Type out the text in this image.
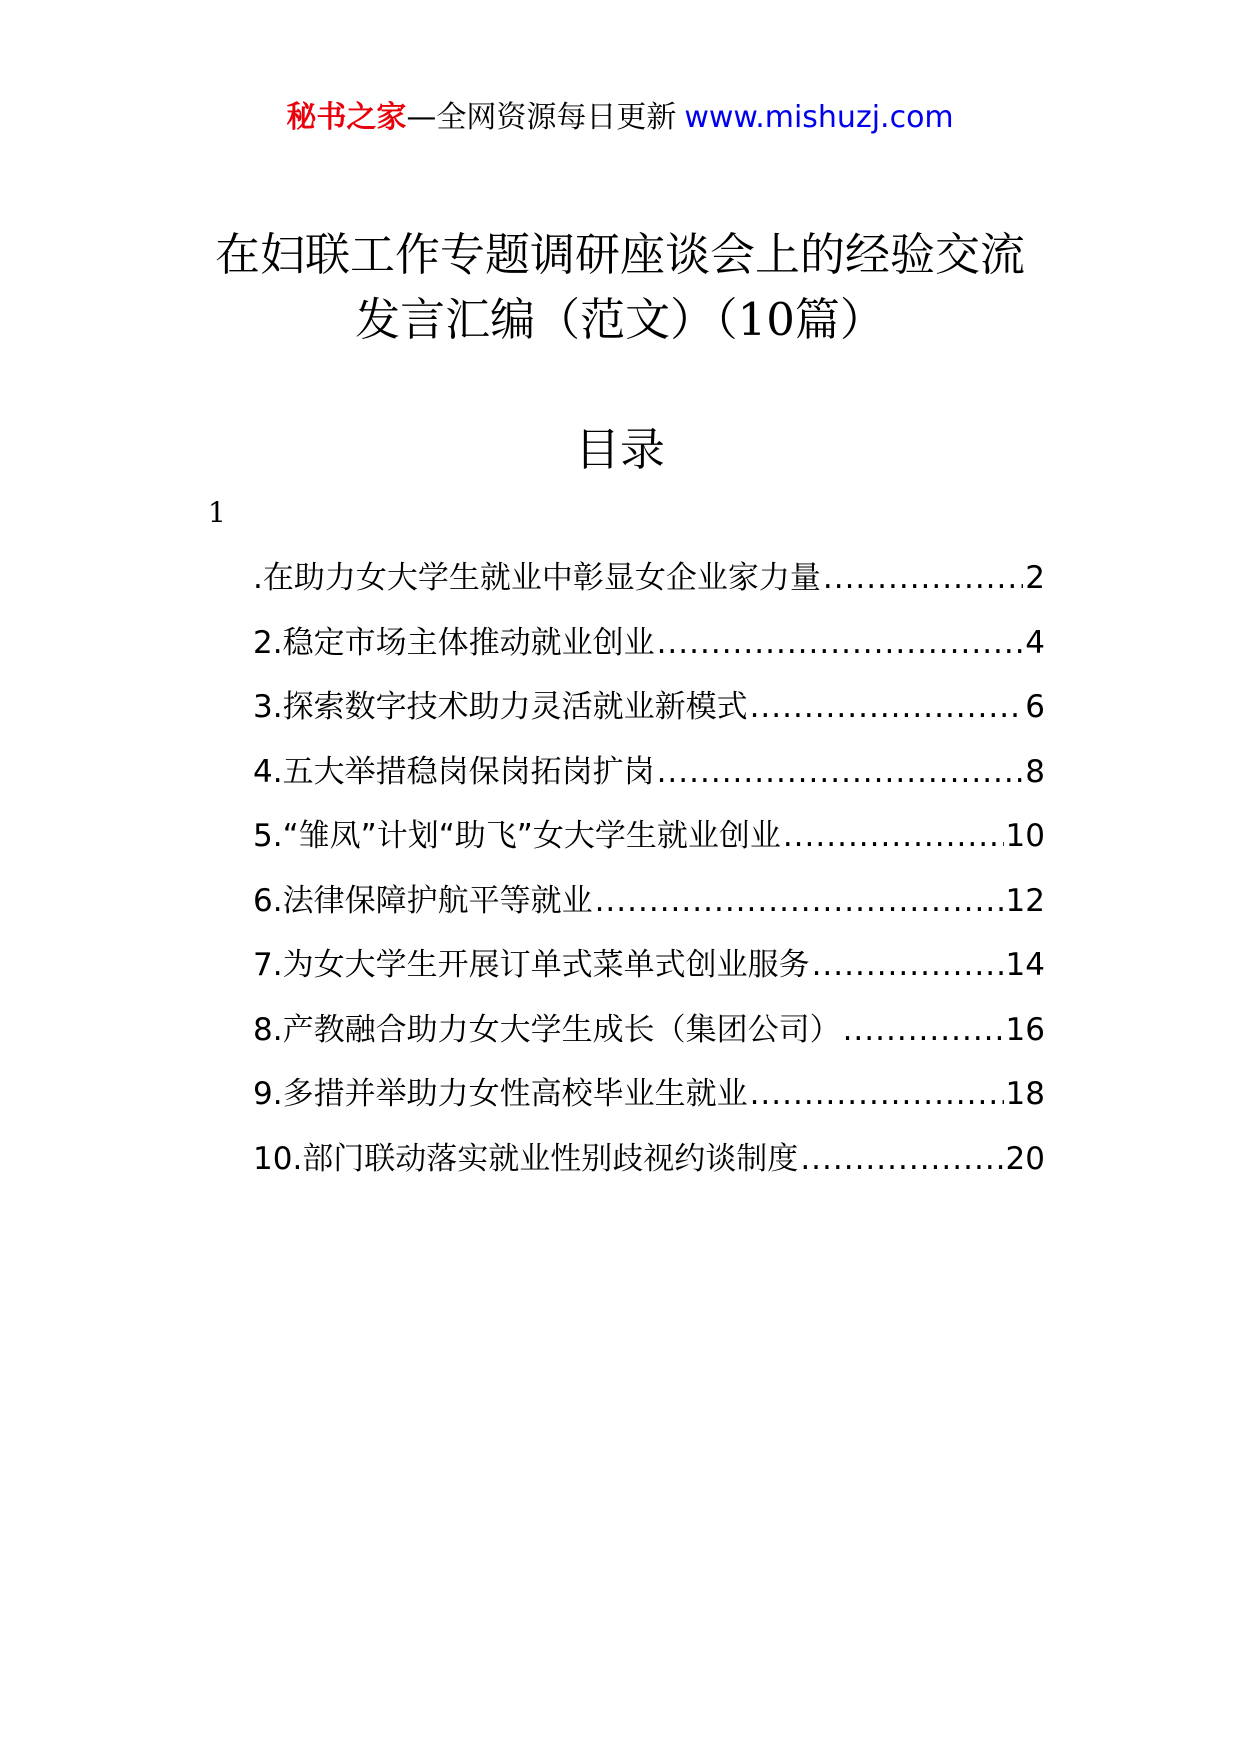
秘书之家—全网资源每日更新 www.mishuzj.com
在妇联工作专题调研座谈会上的经验交流
发言汇编（范文）（10篇）
目录
1
.在助力女大学生就业中彰显女企业家力量 .....	2
2.稳定市场主体推动就业创业 .....	4
3.探索数字技术助力灵活就业新模式 .....	6
4.五大举措稳岗保岗拓岗扩岗 .....	8
5.“雏凤”计划“助飞”女大学生就业创业 .....	10
6.法律保障护航平等就业 .....	12
7.为女大学生开展订单式菜单式创业服务 .....	14
8.产教融合助力女大学生成长（集团公司） .....	16
9.多措并举助力女性高校毕业生就业 .....	18
10.部门联动落实就业性别歧视约谈制度 .....	20
